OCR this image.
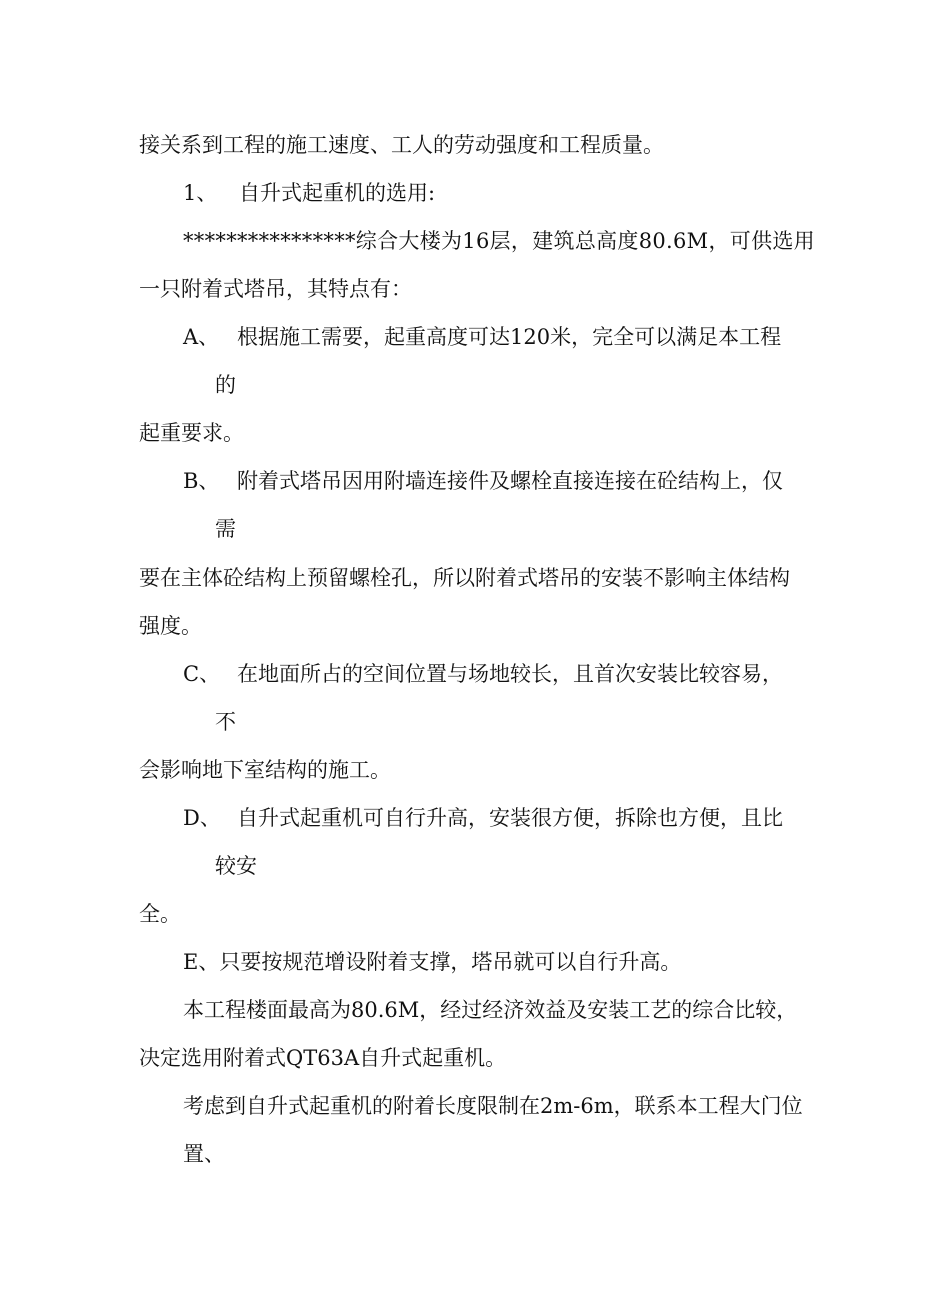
接关系到工程的施工速度、工人的劳动强度和工程质量。
1、 自升式起重机的选用:
****************综合大楼为16层，建筑总高度80.6M，可供选用
一只附着式塔吊，其特点有：
A、 根据施工需要，起重高度可达120米，完全可以满足本工程
的
起重要求。
B、 附着式塔吊因用附墙连接件及螺栓直接连接在砼结构上，仅
需
要在主体砼结构上预留螺栓孔，所以附着式塔吊的安装不影响主体结构
强度。
C、 在地面所占的空间位置与场地较长，且首次安装比较容易，
不
会影响地下室结构的施工。
D、 自升式起重机可自行升高，安装很方便，拆除也方便，且比
较安
全。
E、只要按规范增设附着支撑，塔吊就可以自行升高。
本工程楼面最高为80.6M，经过经济效益及安装工艺的综合比较，
决定选用附着式QT63A自升式起重机。
考虑到自升式起重机的附着长度限制在2m-6m，联系本工程大门位
置、
